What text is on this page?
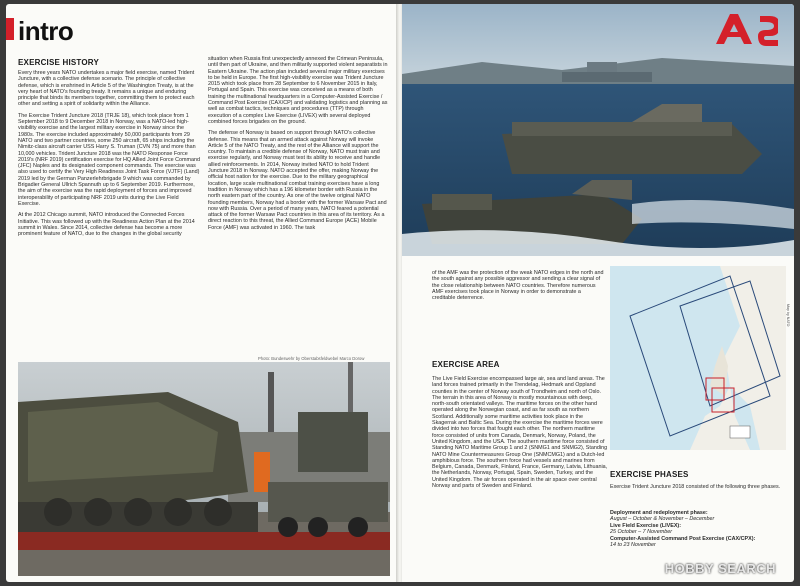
intro
EXERCISE HISTORY

Every three years NATO undertakes a major field exercise, named Trident Juncture, with a collective defense scenario. The principle of collective defense, which is enshrined in Article 5 of the Washington Treaty, is at the very heart of NATO's founding treaty. It remains a unique and enduring principle that binds its members together, committing them to protect each other and setting a spirit of solidarity within the Alliance.

The Exercise Trident Juncture 2018 (TRJE 18), which took place from 1 September 2018 to 9 December 2018 in Norway, was a NATO-led high-visibility exercise and the largest military exercise in Norway since the 1980s. The exercise included approximately 50,000 participants from 29 NATO and two partner countries, some 250 aircraft, 65 ships including the Nimitz-class aircraft carrier USS Harry S. Truman (CVN 75) and more than 10,000 vehicles. Trident Juncture 2018 was the NATO Response Force 2019's (NRF 2019) certification exercise for HQ Allied Joint Force Command (JFC) Naples and its designated component commands. The exercise was also used to certify the Very High Readiness Joint Task Force (VJTF) (Land) 2019 led by the German Panzerlehrbrigade 9 which was commanded by Brigadier General Ullrich Spannuth up to 6 September 2019. Furthermore, the aim of the exercise was the rapid deployment of forces and improved interoperability of participating NRF 2019 units during the Live Field Exercise.

At the 2012 Chicago summit, NATO introduced the Connected Forces Initiative. This was followed up with the Readiness Action Plan at the 2014 summit in Wales. Since 2014, collective defense has become a more prominent feature of NATO, due to the changes in the global security

situation when Russia first unexpectedly annexed the Crimean Peninsula, until then part of Ukraine, and then militarily supported violent separatists in Eastern Ukraine. The action plan included several major military exercises to be held in Europe. The first high-visibility exercise was Trident Juncture 2015 which took place from 28 September to 6 November 2015 in Italy, Portugal and Spain. This exercise was conceived as a means of both training the multinational headquarters in a Computer-Assisted Exercise / Command Post Exercise (CAX/CP) and validating logistics and planning as well as combat tactics, techniques and procedures (TTP) through execution of a complex Live Exercise (LIVEX) with several deployed combined forces brigades on the ground.

The defense of Norway is based on support through NATO's collective defense. This means that an armed attack against Norway will invoke Article 5 of the NATO Treaty, and the rest of the Alliance will support the country. To maintain a credible defense of Norway, NATO must train and exercise regularly, and Norway must test its ability to receive and handle allied reinforcements. In 2014, Norway invited NATO to hold Trident Juncture 2018 in Norway. NATO accepted the offer, making Norway the official host nation for the exercise. Due to the military geographical location, large scale multinational combat training exercises have a long tradition in Norway which has a 196 kilometer border with Russia in the north eastern part of the country. As one of the twelve original NATO founding members, Norway had a border with the former Warsaw Pact and now with Russia. Over a period of many years, NATO feared a potential attack of the former Warsaw Pact countries in this area of its territory. As a direct reaction to this threat, the Allied Command Europe (ACE) Mobile Force (AMF) was activated in 1960. The task

Photo: Bundeswehr by Oberstabsfeldwebel Marco Dorow

of the AMF was the protection of the weak NATO edges in the north and the south against any possible aggressor and sending a clear signal of the close relationship between NATO countries. Therefore numerous AMF exercises took place in Norway in order to demonstrate a creditable deterrence.

EXERCISE AREA

The Live Field Exercise encompassed large air, sea and land areas. The land forces trained primarily in the Trendelag, Hedmark and Oppland counties in the center of Norway south of Trondheim and north of Oslo. The terrain in this area of Norway is mostly mountainous with deep, north-south orientated valleys. The maritime forces on the other hand operated along the Norwegian coast, and as far south as northern Scotland. Additionally some maritime activities took place in the Skagerrak and Baltic Sea. During the exercise the maritime forces were divided into two forces that fought each other. The northern maritime force consisted of units from Canada, Denmark, Norway, Poland, the United Kingdom, and the USA. The southern maritime force consisted of Standing NATO Maritime Group 1 and 2 (SNMG1 and SNMG2), Standing NATO Mine Countermeasures Group One (SNMCMG1) and a Dutch-led amphibious force. The southern force had vessels and marines from Belgium, Canada, Denmark, Finland, France, Germany, Latvia, Lithuania, the Netherlands, Norway, Portugal, Spain, Sweden, Turkey, and the United Kingdom. The air forces operated in the air space over central Norway and parts of Sweden and Finland.

Map by NATO
EXERCISE PHASES

Exercise Trident Juncture 2018 consisted of the following three phases.

Deployment and redeployment phase:
August – October & November – December
Live Field Exercise (LIVEX):
25 October – 7 November
Computer-Assisted Command Post Exercise (CAX/CPX):
14 to 23 November
HOBBY SEARCH
